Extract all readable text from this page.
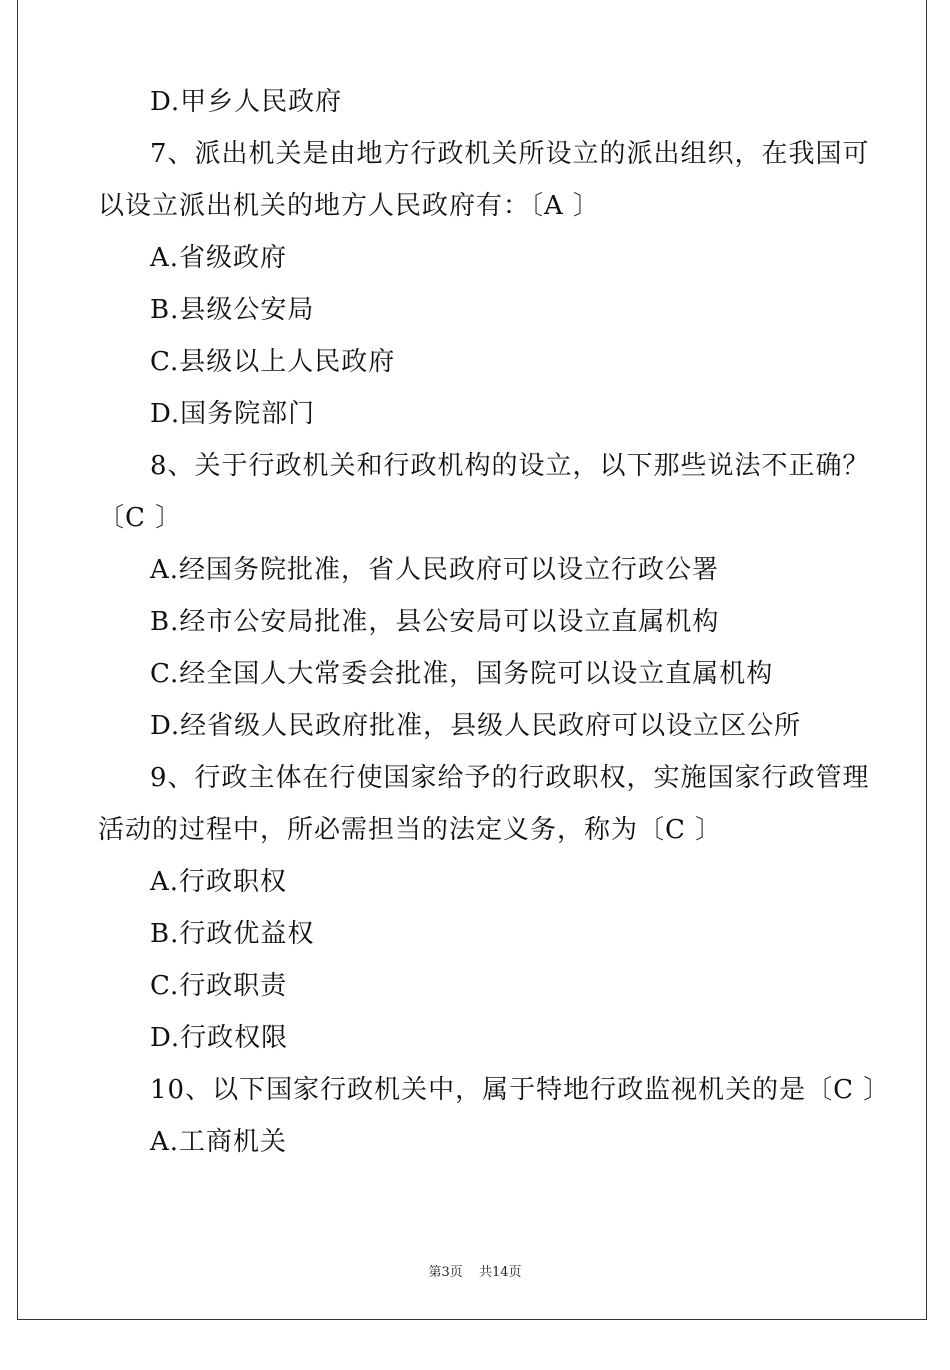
D.甲乡人民政府
7、派出机关是由地方行政机关所设立的派出组织，在我国可
以设立派出机关的地方人民政府有：〔A 〕
A.省级政府
B.县级公安局
C.县级以上人民政府
D.国务院部门
8、关于行政机关和行政机构的设立，以下那些说法不正确？
〔C 〕
A.经国务院批准，省人民政府可以设立行政公署
B.经市公安局批准，县公安局可以设立直属机构
C.经全国人大常委会批准，国务院可以设立直属机构
D.经省级人民政府批准，县级人民政府可以设立区公所
9、行政主体在行使国家给予的行政职权，实施国家行政管理
活动的过程中，所必需担当的法定义务，称为〔C 〕
A.行政职权
B.行政优益权
C.行政职责
D.行政权限
10、以下国家行政机关中，属于特地行政监视机关的是〔C 〕
A.工商机关
第3页 共14页
